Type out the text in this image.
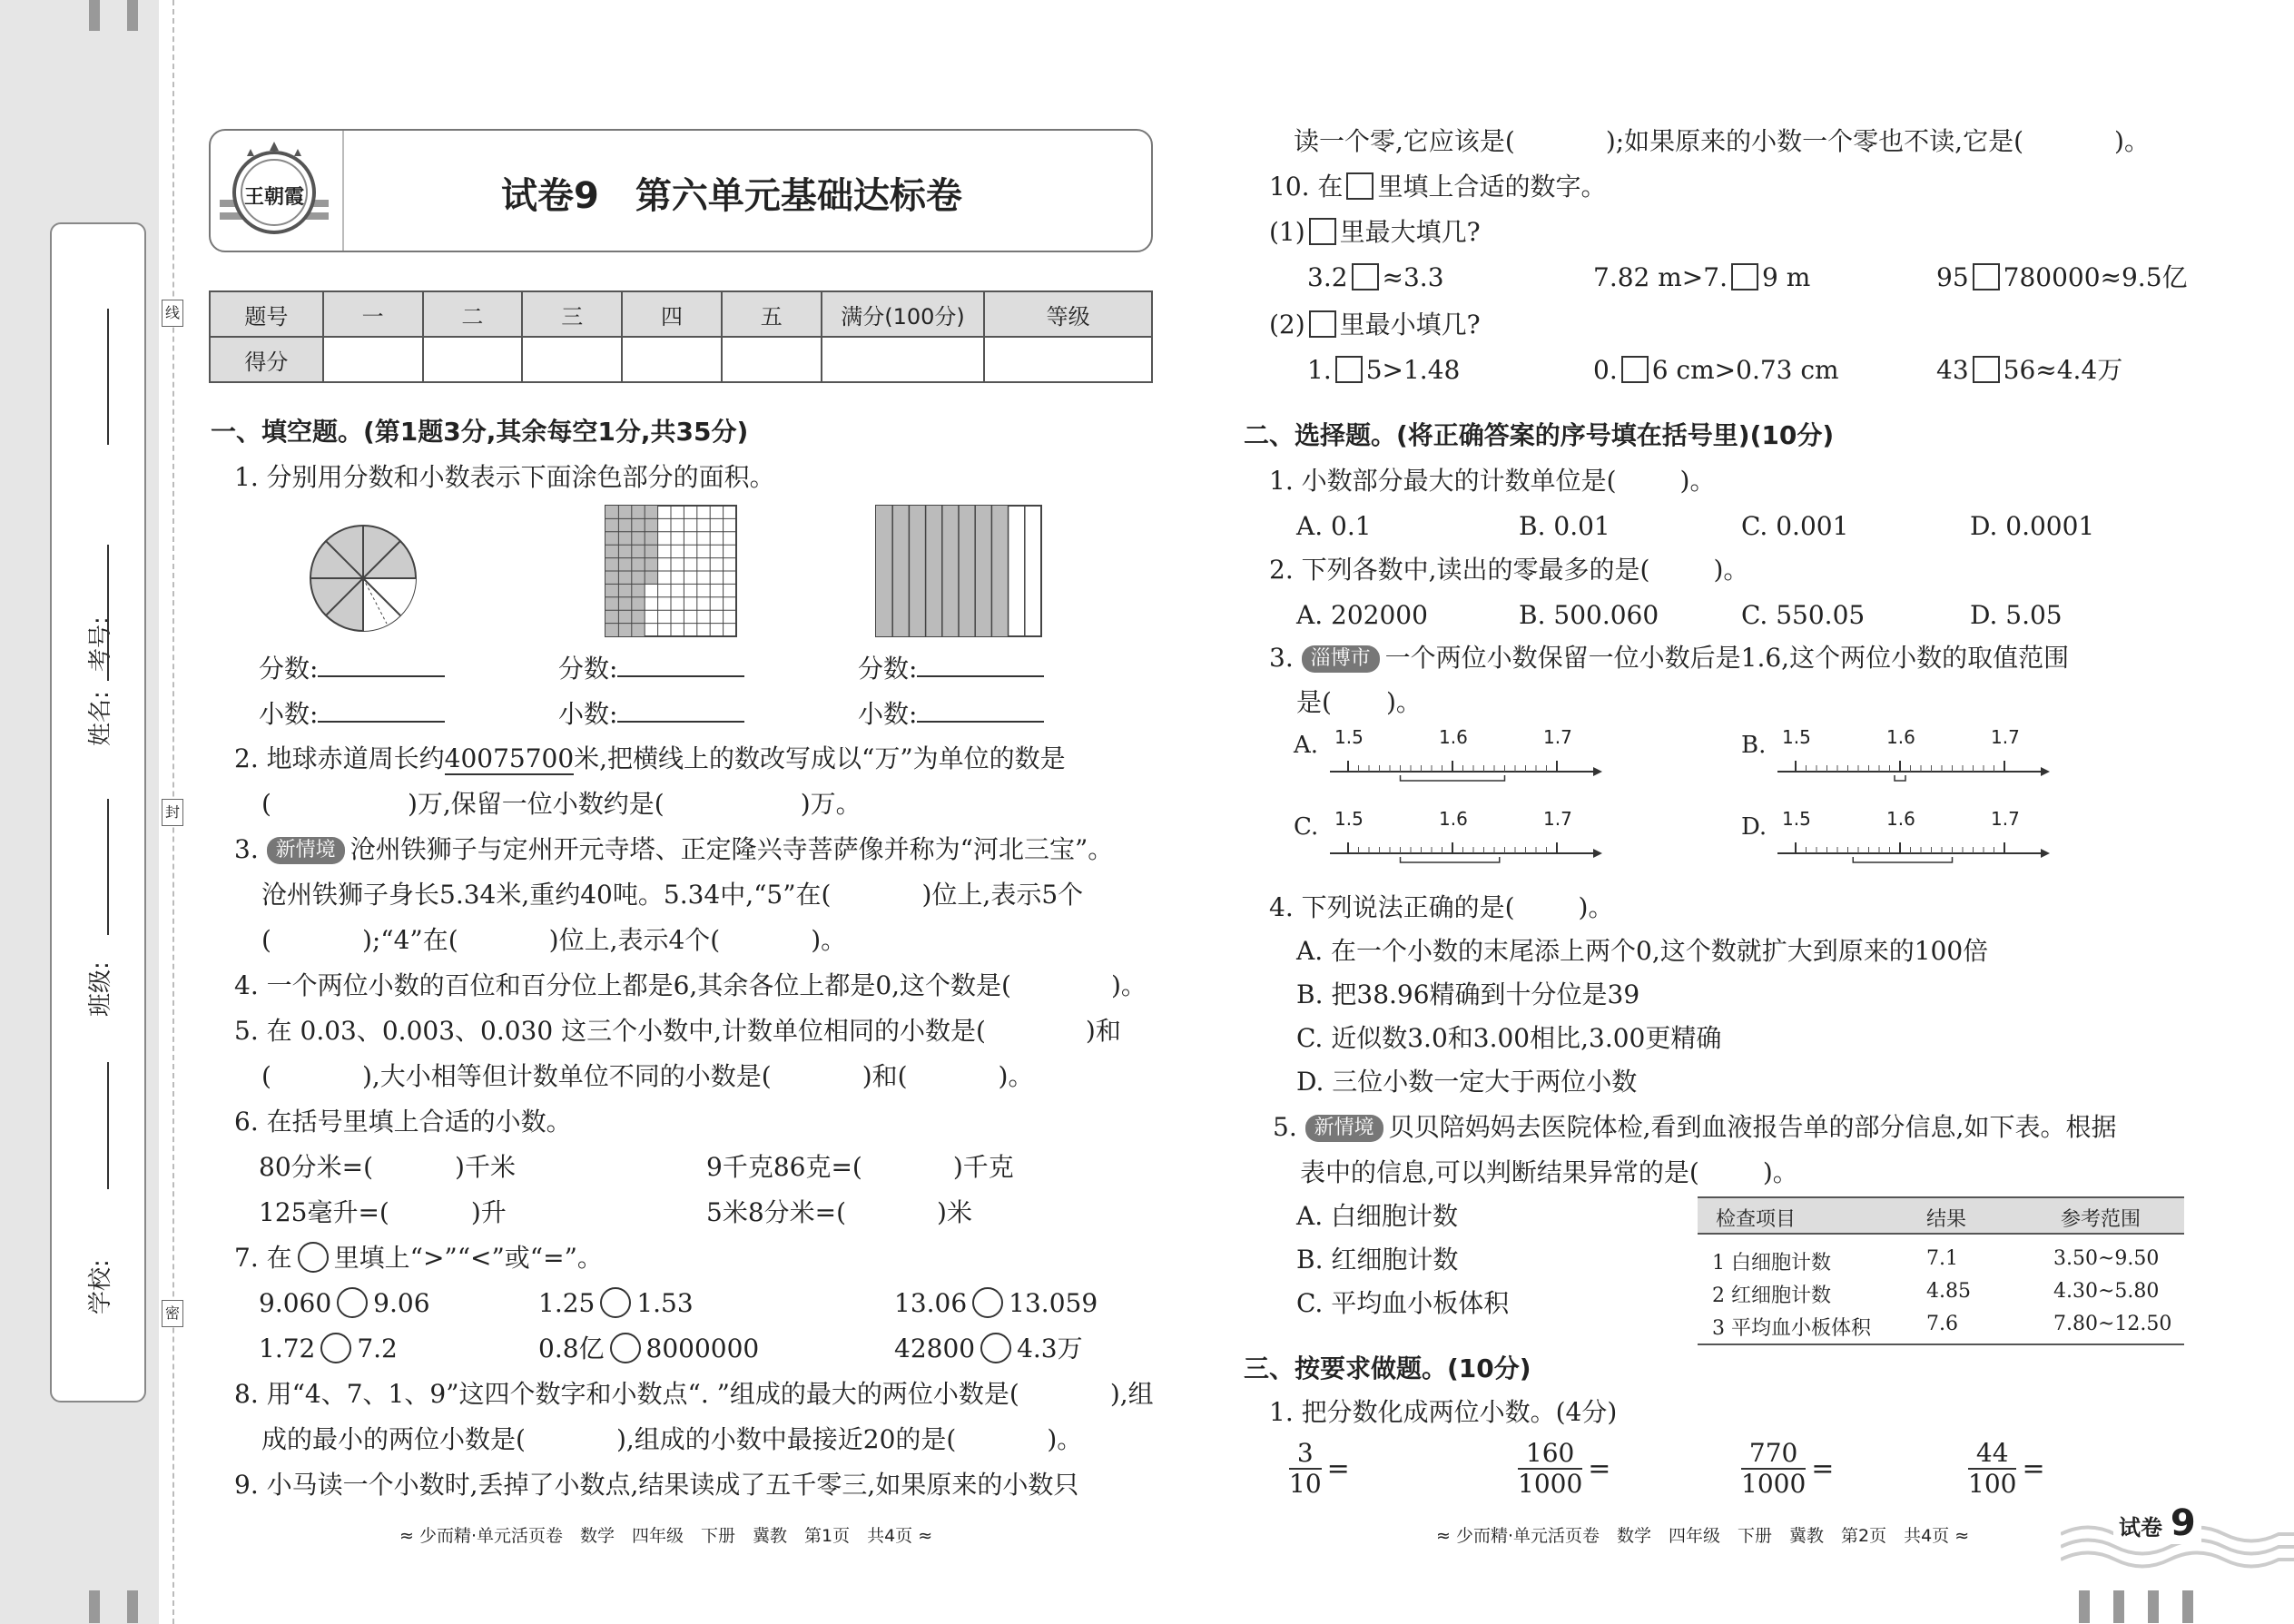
考号:
姓名:
班级:
学校:
线
封
密
王朝霞	试卷9　第六单元基础达标卷
题号	一	二	三	四	五	满分(100分)	等级
得分							
一、填空题。(第1题3分,其余每空1分,共35分)
1. 分别用分数和小数表示下面涂色部分的面积。
分数:	分数:	分数:
小数:	小数:	小数:
2. 地球赤道周长约40075700米,把横线上的数改写成以“万”为单位的数是
(	)万,保留一位小数约是(	)万。
3. 新情境 沧州铁狮子与定州开元寺塔、正定隆兴寺菩萨像并称为“河北三宝”。
沧州铁狮子身长5.34米,重约40吨。5.34中,“5”在(	)位上,表示5个
(	);“4”在(	)位上,表示4个(	)。
4. 一个两位小数的百位和百分位上都是6,其余各位上都是0,这个数是(	)。
5. 在 0.03、0.003、0.030 这三个小数中,计数单位相同的小数是(	)和
(	),大小相等但计数单位不同的小数是(	)和(	)。
6. 在括号里填上合适的小数。
80分米=(	)千米	9千克86克=(	)千克
125毫升=(	)升	5米8分米=(	)米
7. 在 里填上“>”“<”或“=”。
9.060 9.06	1.25 1.53	13.06 13.059
1.72 7.2	0.8亿 8000000	42800 4.3万
8. 用“4、7、1、9”这四个数字和小数点“. ”组成的最大的两位小数是(	),组
成的最小的两位小数是(	),组成的小数中最接近20的是(	)。
9. 小马读一个小数时,丢掉了小数点,结果读成了五千零三,如果原来的小数只
≈ 少而精·单元活页卷　数学　四年级　下册　冀教　第1页　共4页 ≈
读一个零,它应该是(	);如果原来的小数一个零也不读,它是(	)。
10. 在 里填上合适的数字。
(1) 里最大填几?
3.2 ≈3.3	7.82 m>7. 9 m	95 780000≈9.5亿
(2) 里最小填几?
1. 5>1.48	0. 6 cm>0.73 cm	43 56≈4.4万
二、选择题。(将正确答案的序号填在括号里)(10分)
1. 小数部分最大的计数单位是(	)。
A. 0.1	B. 0.01	C. 0.001	D. 0.0001
2. 下列各数中,读出的零最多的是(	)。
A. 202000	B. 500.060	C. 550.05	D. 5.05
3. 淄博市 一个两位小数保留一位小数后是1.6,这个两位小数的取值范围
是( )。
A. 1.5	1.6	1.7	B. 1.5	1.6	1.7
C. 1.5	1.6	1.7	D. 1.5	1.6	1.7
4. 下列说法正确的是(	)。
A. 在一个小数的末尾添上两个0,这个数就扩大到原来的100倍
B. 把38.96精确到十分位是39
C. 近似数3.0和3.00相比,3.00更精确
D. 三位小数一定大于两位小数
5. 新情境 贝贝陪妈妈去医院体检,看到血液报告单的部分信息,如下表。根据
表中的信息,可以判断结果异常的是(	)。
A. 白细胞计数
B. 红细胞计数
C. 平均血小板体积
检查项目	结果	参考范围
1 白细胞计数	7.1	3.50~9.50
2 红细胞计数	4.85	4.30~5.80
3 平均血小板体积	7.6	7.80~12.50
三、按要求做题。(10分)
1. 把分数化成两位小数。(4分)
$\frac{3}{10}$ =	$\frac{160}{1000}$ =	$\frac{770}{1000}$ =	$\frac{44}{100}$ =
≈ 少而精·单元活页卷　数学　四年级　下册　冀教　第2页　共4页 ≈	试卷 9
